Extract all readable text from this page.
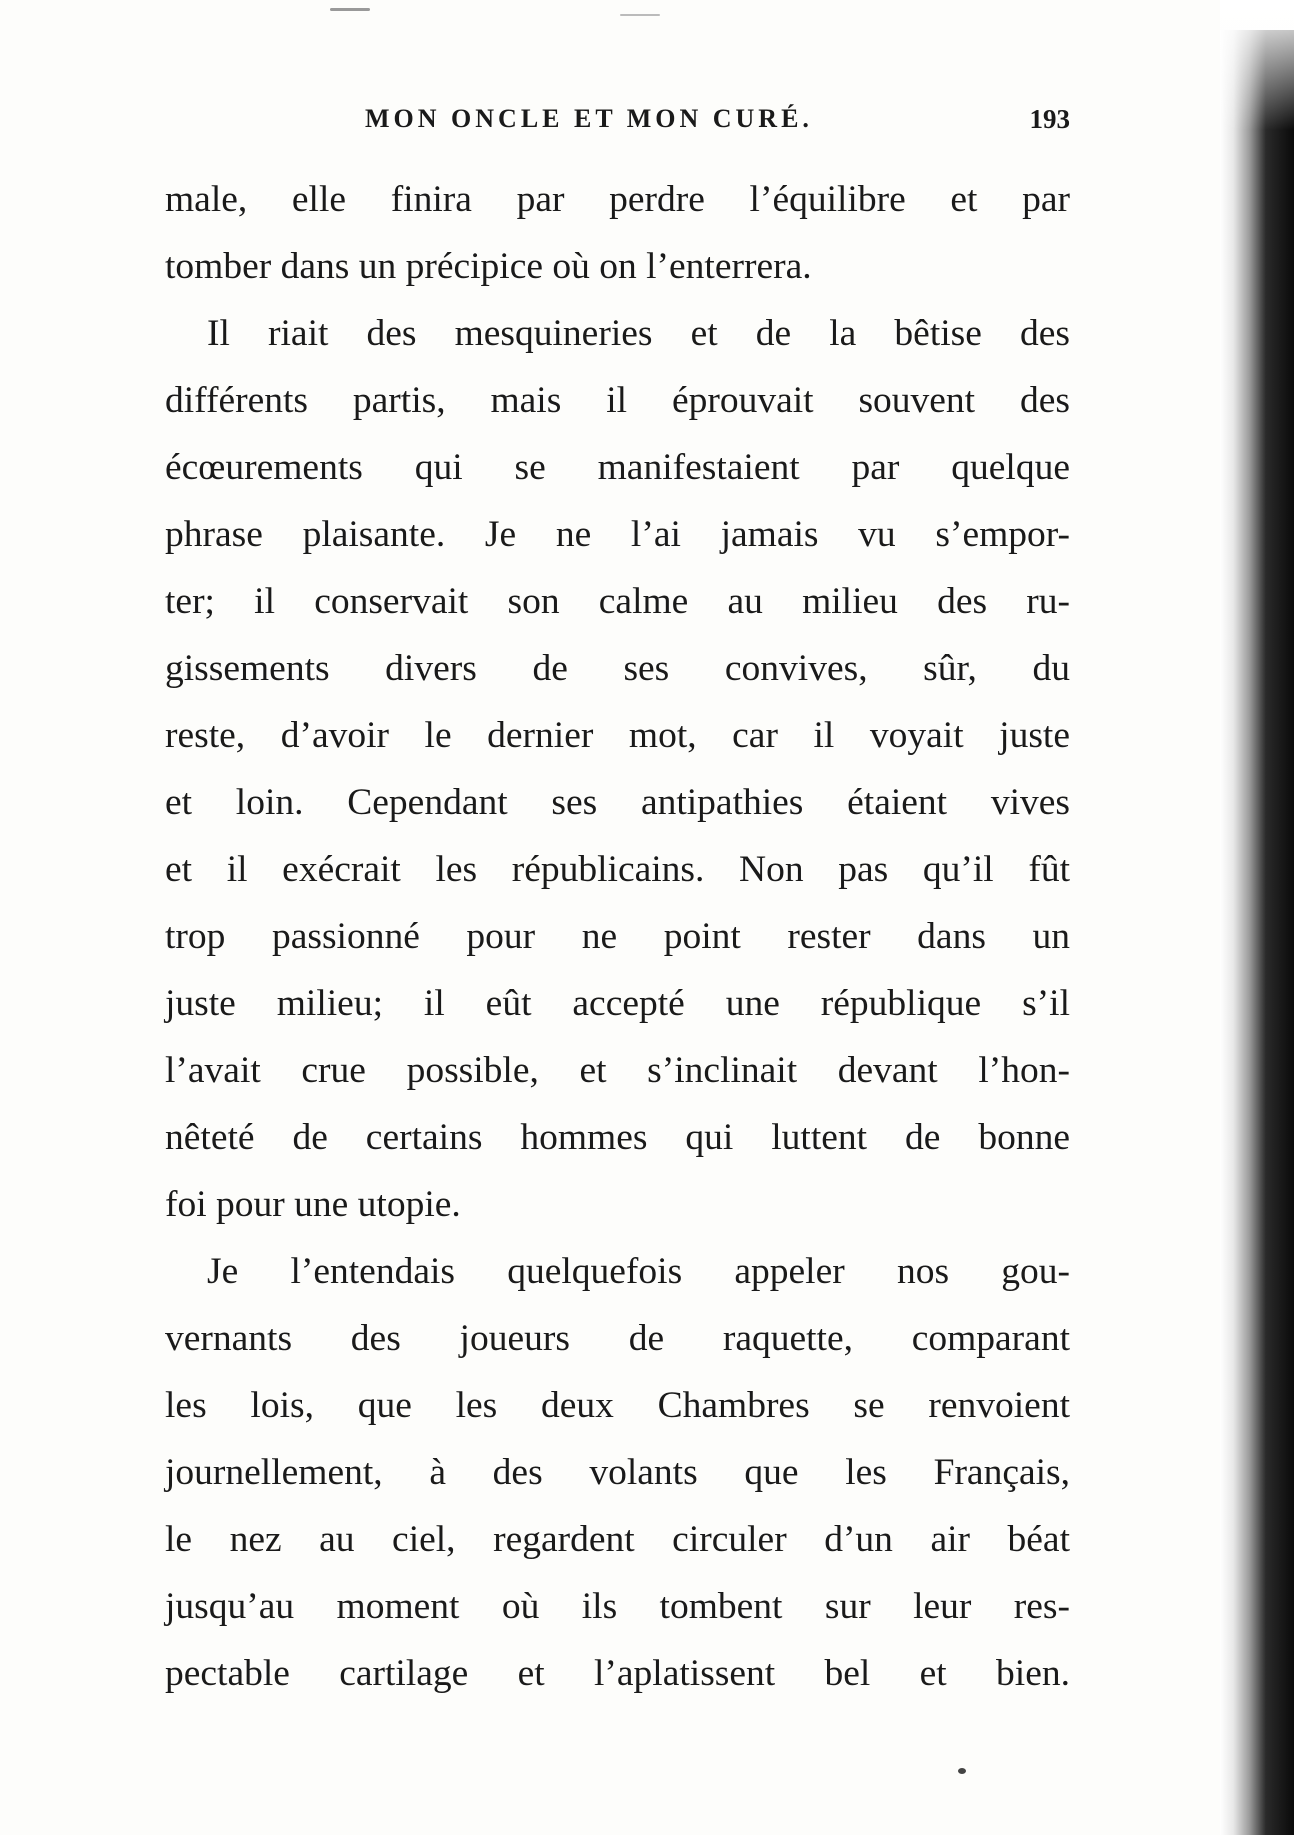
MON ONCLE ET MON CURÉ.	193
male, elle finira par perdre l’équilibre et par
tomber dans un précipice où on l’enterrera.
Il riait des mesquineries et de la bêtise des
différents partis, mais il éprouvait souvent des
écœurements qui se manifestaient par quelque
phrase plaisante. Je ne l’ai jamais vu s’empor-
ter; il conservait son calme au milieu des ru-
gissements divers de ses convives, sûr, du
reste, d’avoir le dernier mot, car il voyait juste
et loin. Cependant ses antipathies étaient vives
et il exécrait les républicains. Non pas qu’il fût
trop passionné pour ne point rester dans un
juste milieu; il eût accepté une république s’il
l’avait crue possible, et s’inclinait devant l’hon-
nêteté de certains hommes qui luttent de bonne
foi pour une utopie.
Je l’entendais quelquefois appeler nos gou-
vernants des joueurs de raquette, comparant
les lois, que les deux Chambres se renvoient
journellement, à des volants que les Français,
le nez au ciel, regardent circuler d’un air béat
jusqu’au moment où ils tombent sur leur res-
pectable cartilage et l’aplatissent bel et bien.
